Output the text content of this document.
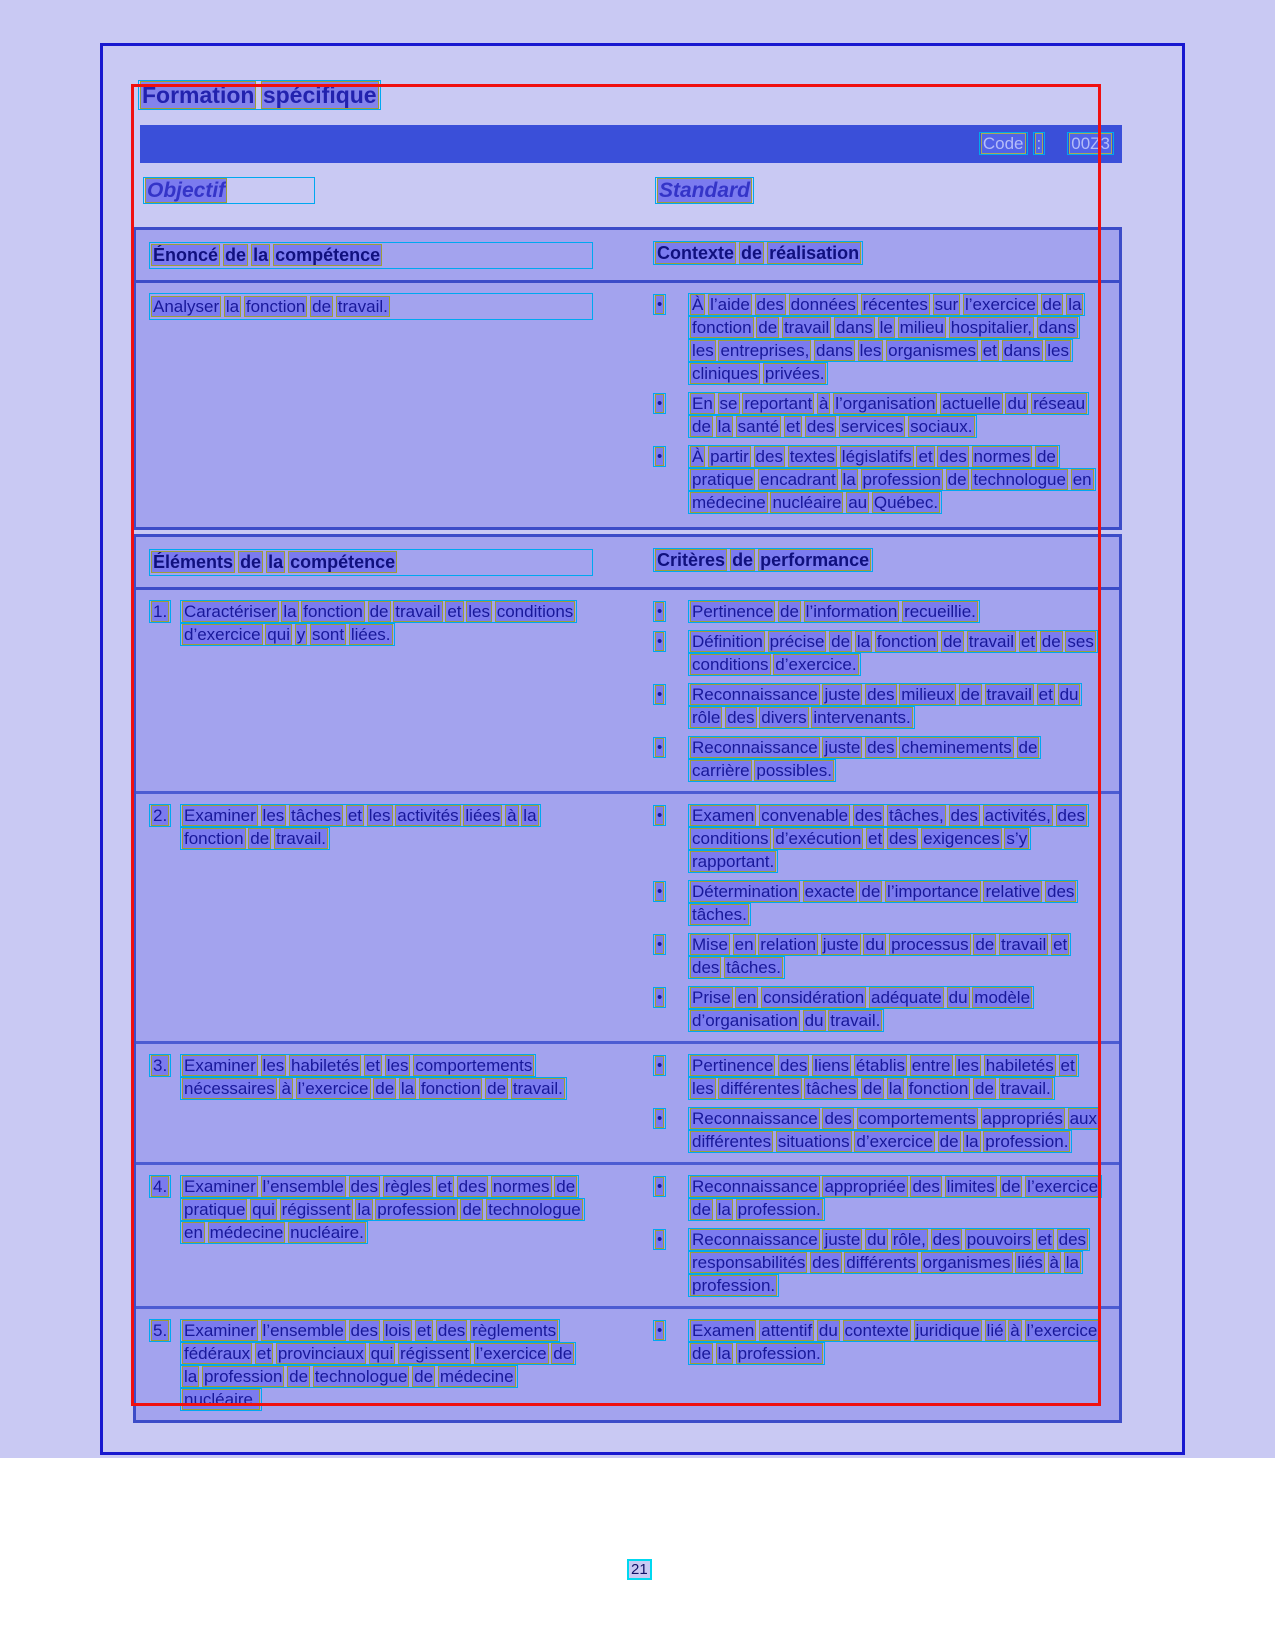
Formation spécifique
Code : 00Z3
Objectif	Standard
Énoncé de la compétence	Contexte de réalisation
Analyser la fonction de travail.	•	À l’aide des données récentes sur l’exercice de la fonction de travail dans le milieu hospitalier, dans les entreprises, dans les organismes et dans les cliniques privées.
•	En se reportant à l’organisation actuelle du réseau de la santé et des services sociaux.
•	À partir des textes législatifs et des normes de pratique encadrant la profession de technologue en médecine nucléaire au Québec.
Éléments de la compétence	Critères de performance
1. Caractériser la fonction de travail et les conditions d’exercice qui y sont liées.
•	Pertinence de l’information recueillie.
•	Définition précise de la fonction de travail et de ses conditions d’exercice.
•	Reconnaissance juste des milieux de travail et du rôle des divers intervenants.
•	Reconnaissance juste des cheminements de carrière possibles.
2. Examiner les tâches et les activités liées à la fonction de travail.
•	Examen convenable des tâches, des activités, des conditions d’exécution et des exigences s’y rapportant.
•	Détermination exacte de l’importance relative des tâches.
•	Mise en relation juste du processus de travail et des tâches.
•	Prise en considération adéquate du modèle d’organisation du travail.
3. Examiner les habiletés et les comportements nécessaires à l’exercice de la fonction de travail.
•	Pertinence des liens établis entre les habiletés et les différentes tâches de la fonction de travail.
•	Reconnaissance des comportements appropriés aux différentes situations d’exercice de la profession.
4. Examiner l’ensemble des règles et des normes de pratique qui régissent la profession de technologue en médecine nucléaire.
•	Reconnaissance appropriée des limites de l’exercice de la profession.
•	Reconnaissance juste du rôle, des pouvoirs et des responsabilités des différents organismes liés à la profession.
5. Examiner l’ensemble des lois et des règlements fédéraux et provinciaux qui régissent l’exercice de la profession de technologue de médecine nucléaire.
•	Examen attentif du contexte juridique lié à l’exercice de la profession.
21
